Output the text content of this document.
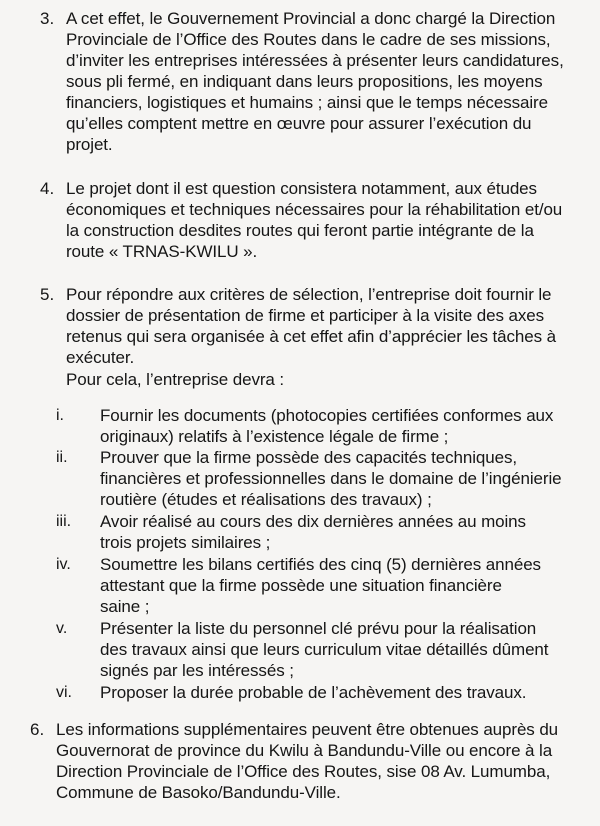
3. A cet effet, le Gouvernement Provincial a donc chargé la Direction
Provinciale de l’Office des Routes dans le cadre de ses missions,
d’inviter les entreprises intéressées à présenter leurs candidatures,
sous pli fermé, en indiquant dans leurs propositions, les moyens
financiers, logistiques et humains ; ainsi que le temps nécessaire
qu’elles comptent mettre en œuvre pour assurer l’exécution du
projet.
4. Le projet dont il est question consistera notamment, aux études
économiques et techniques nécessaires pour la réhabilitation et/ou
la construction desdites routes qui feront partie intégrante de la
route « TRNAS-KWILU ».
5. Pour répondre aux critères de sélection, l’entreprise doit fournir le
dossier de présentation de firme et participer à la visite des axes
retenus qui sera organisée à cet effet afin d’apprécier les tâches à
exécuter.
Pour cela, l’entreprise devra :
i. Fournir les documents (photocopies certifiées conformes aux
originaux) relatifs à l’existence légale de firme ;
ii. Prouver que la firme possède des capacités techniques,
financières et professionnelles dans le domaine de l’ingénierie
routière (études et réalisations des travaux) ;
iii. Avoir réalisé au cours des dix dernières années au moins
trois projets similaires ;
iv. Soumettre les bilans certifiés des cinq (5) dernières années
attestant que la firme possède une situation financière
saine ;
v. Présenter la liste du personnel clé prévu pour la réalisation
des travaux ainsi que leurs curriculum vitae détaillés dûment
signés par les intéressés ;
vi. Proposer la durée probable de l’achèvement des travaux.
6. Les informations supplémentaires peuvent être obtenues auprès du
Gouvernorat de province du Kwilu à Bandundu-Ville ou encore à la
Direction Provinciale de l’Office des Routes, sise 08 Av. Lumumba,
Commune de Basoko/Bandundu-Ville.
